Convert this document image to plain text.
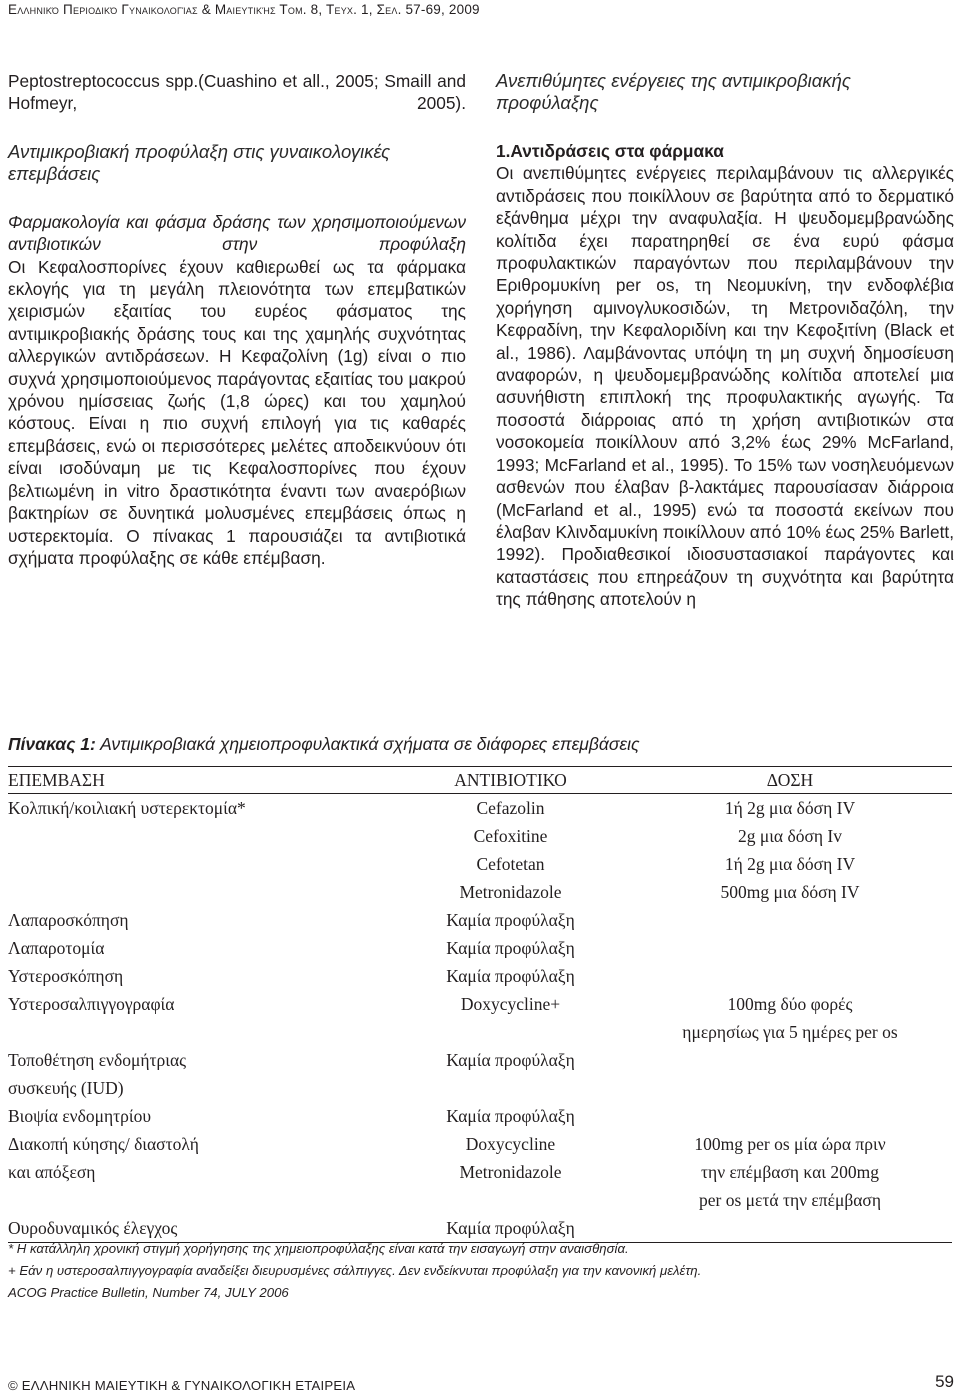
Ελληνικό Περιοδικό Γυναικολογίας & Μαιευτικής Τομ. 8, Τευχ. 1, Σελ. 57-69, 2009

Peptostreptococcus spp.(Cuashino et all., 2005; Smaill and Hofmeyr, 2005).

Αντιμικροβιακή προφύλαξη στις γυναικολογικές επεμβάσεις

Φαρμακολογία και φάσμα δράσης των χρησιμοποιούμενων αντιβιοτικών στην προφύλαξη

Οι Κεφαλοσπορίνες έχουν καθιερωθεί ως τα φάρμακα εκλογής για τη μεγάλη πλειονότητα των επεμβατικών χειρισμών εξαιτίας του ευρέος φάσματος της αντιμικροβιακής δράσης τους και της χαμηλής συχνότητας αλλεργικών αντιδράσεων. Η Κεφαζολίνη (1g) είναι ο πιο συχνά χρησιμοποιούμενος παράγοντας εξαιτίας του μακρού χρόνου ημίσσειας ζωής (1,8 ώρες) και του χαμηλού κόστους. Είναι η πιο συχνή επιλογή για τις καθαρές επεμβάσεις, ενώ οι περισσότερες μελέτες αποδεικνύουν ότι είναι ισοδύναμη με τις Κεφαλοσπορίνες που έχουν βελτιωμένη in vitro δραστικότητα έναντι των αναερόβιων βακτηρίων σε δυνητικά μολυσμένες επεμβάσεις όπως η υστερεκτομία. Ο πίνακας 1 παρουσιάζει τα αντιβιοτικά σχήματα προφύλαξης σε κάθε επέμβαση.

Ανεπιθύμητες ενέργειες της αντιμικροβιακής προφύλαξης
1.Αντιδράσεις στα φάρμακα

Οι ανεπιθύμητες ενέργειες περιλαμβάνουν τις αλλεργικές αντιδράσεις που ποικίλλουν σε βαρύτητα από το δερματικό εξάνθημα μέχρι την αναφυλαξία. Η ψευδομεμβρανώδης κολίτιδα έχει παρατηρηθεί σε ένα ευρύ φάσμα προφυλακτικών παραγόντων που περιλαμβάνουν την Εριθρομυκίνη per os, τη Νεομυκίνη, την ενδοφλέβια χορήγηση αμινογλυκοσιδών, τη Μετρονιδαζόλη, την Κεφραδίνη, την Κεφαλοριδίνη και την Κεφοξιτίνη (Black et al., 1986). Λαμβάνοντας υπόψη τη μη συχνή δημοσίευση αναφορών, η ψευδομεμβρανώδης κολίτιδα αποτελεί μια ασυνήθιστη επιπλοκή της προφυλακτικής αγωγής. Τα ποσοστά διάρροιας από τη χρήση αντιβιοτικών στα νοσοκομεία ποικίλλουν από 3,2% έως 29% McFarland, 1993; McFarland et al., 1995). Το 15% των νοσηλευόμενων ασθενών που έλαβαν β-λακτάμες παρουσίασαν διάρροια (McFarland et al., 1995) ενώ τα ποσοστά εκείνων που έλαβαν Κλινδαμυκίνη ποικίλλουν από 10% έως 25% Barlett, 1992). Προδιαθεσικοί ιδιοσυστασιακοί παράγοντες και καταστάσεις που επηρεάζουν τη συχνότητα και βαρύτητα της πάθησης αποτελούν η

Πίνακας 1: Αντιμικροβιακά χημειοπροφυλακτικά σχήματα σε διάφορες επεμβάσεις
ΕΠΕΜΒΑΣΗ	ΑΝΤΙΒΙΟΤΙΚΟ	ΔΟΣΗ
Κολπική/κοιλιακή υστερεκτομία*	Cefazolin	1ή 2g μια δόση IV
	Cefoxitine	2g μια δόση Iv
	Cefotetan	1ή 2g μια δόση IV
	Metronidazole	500mg μια δόση IV
Λαπαροσκόπηση	Καμία προφύλαξη	
Λαπαροτομία	Καμία προφύλαξη	
Υστεροσκόπηση	Καμία προφύλαξη	
Υστεροσαλπιγγογραφία	Doxycycline+	100mg δύο φορές
		ημερησίως για 5 ημέρες per os
Τοποθέτηση ενδομήτριας	Καμία προφύλαξη	
συσκευής (IUD)		
Βιοψία ενδομητρίου	Καμία προφύλαξη	
Διακοπή κύησης/ διαστολή	Doxycycline	100mg per os μία ώρα πριν
και απόξεση	Metronidazole	την επέμβαση και 200mg
		per os μετά την επέμβαση
Ουροδυναμικός έλεγχος	Καμία προφύλαξη	
* Η κατάλληλη χρονική στιγμή χορήγησης της χημειοπροφύλαξης είναι κατά την εισαγωγή στην αναισθησία.
+ Εάν η υστεροσαλπιγγογραφία αναδείξει διευρυσμένες σάλπιγγες. Δεν ενδείκνυται προφύλαξη για την κανονική μελέτη.
ACOG Practice Bulletin, Number 74, JULY 2006
© ΕΛΛΗΝΙΚΗ ΜΑΙΕΥΤΙΚΗ & ΓΥΝΑΙΚΟΛΟΓΙΚΗ ΕΤΑΙΡΕΙΑ	59
